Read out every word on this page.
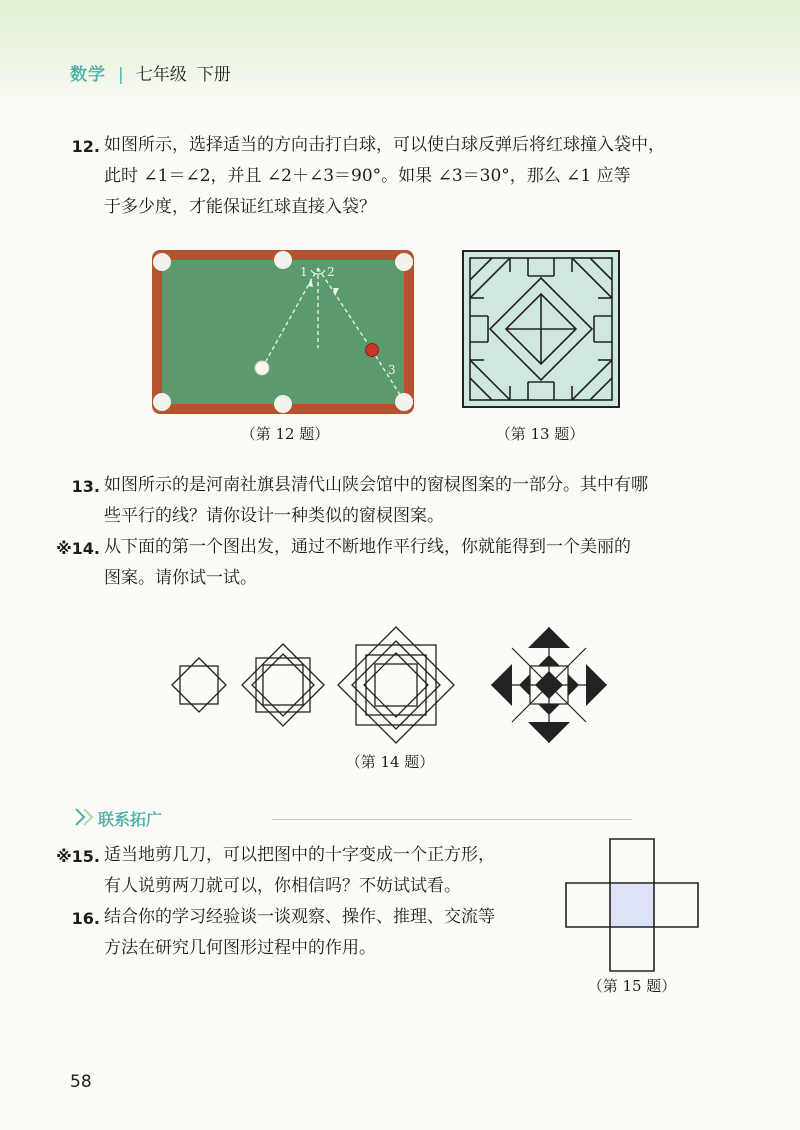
数学 | 七年级 下册
12. 如图所示，选择适当的方向击打白球，可以使白球反弹后将红球撞入袋中，
此时 ∠1＝∠2，并且 ∠2＋∠3＝90°。如果 ∠3＝30°，那么 ∠1 应等
于多少度，才能保证红球直接入袋？
1 2
3
（第 12 题）	（第 13 题）
13. 如图所示的是河南社旗县清代山陕会馆中的窗棂图案的一部分。其中有哪
些平行的线？请你设计一种类似的窗棂图案。
※14. 从下面的第一个图出发，通过不断地作平行线，你就能得到一个美丽的
图案。请你试一试。
（第 14 题）
联系拓广
※15. 适当地剪几刀，可以把图中的十字变成一个正方形，
有人说剪两刀就可以，你相信吗？不妨试试看。
16. 结合你的学习经验谈一谈观察、操作、推理、交流等
方法在研究几何图形过程中的作用。
（第 15 题）
58
